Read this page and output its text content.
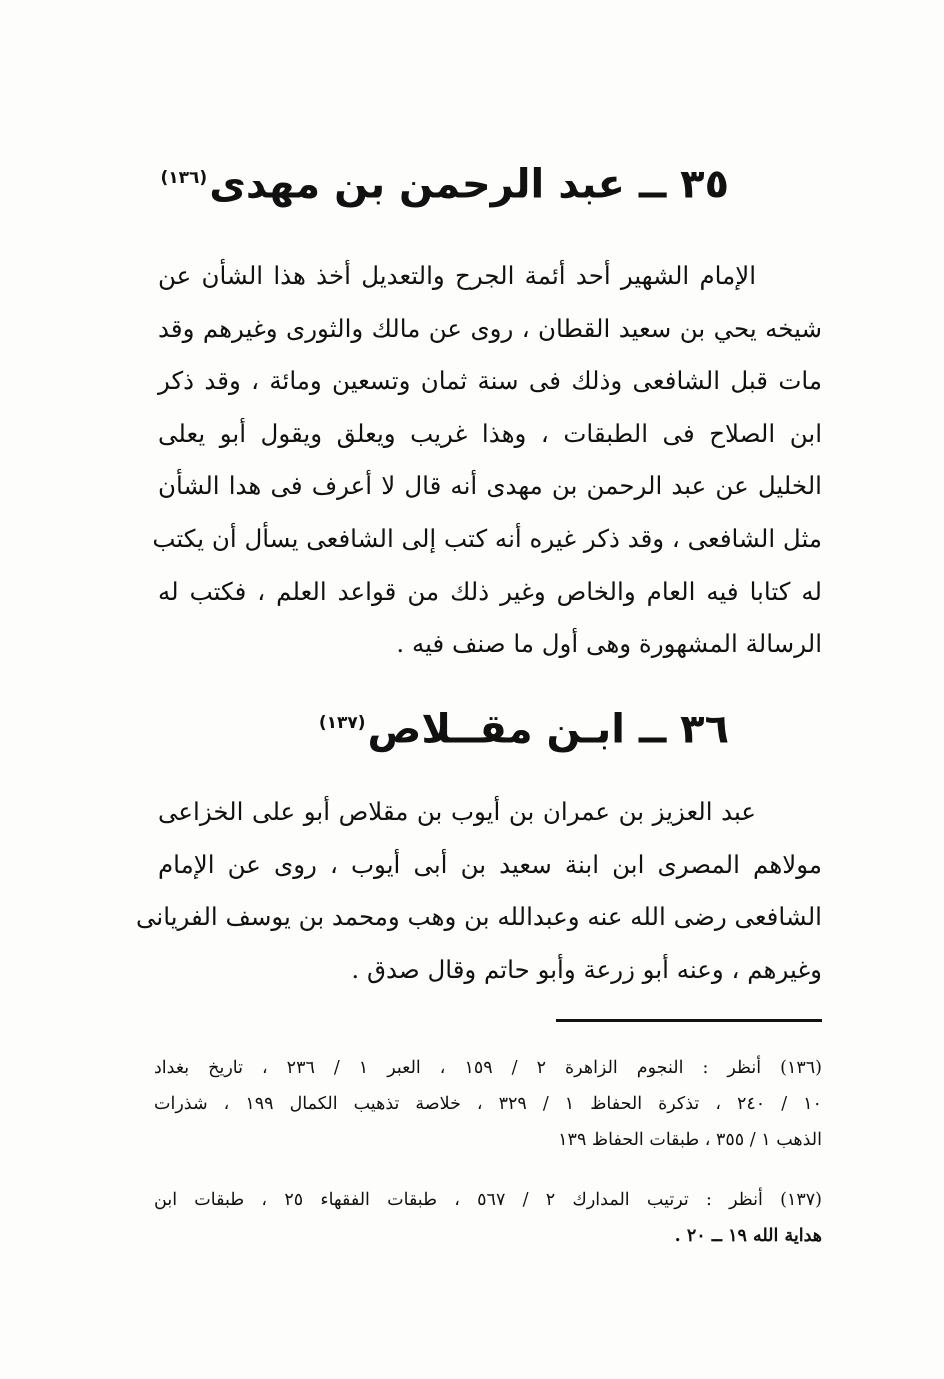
٣٥ ــ عبد الرحمن بن مهدى$^{(١٣٦)}$
الإمام الشهير أحد أئمة الجرح والتعديل أخذ هذا الشأن عن
شيخه يحي بن سعيد القطان ، روى عن مالك والثورى وغيرهم وقد
مات قبل الشافعى وذلك فى سنة ثمان وتسعين ومائة ، وقد ذكر
ابن الصلاح فى الطبقات ، وهذا غريب ويعلق ويقول أبو يعلى
الخليل عن عبد الرحمن بن مهدى أنه قال لا أعرف فى هدا الشأن
مثل الشافعى ، وقد ذكر غيره أنه كتب إلى الشافعى يسأل أن يكتب
له كتابا فيه العام والخاص وغير ذلك من قواعد العلم ، فكتب له
الرسالة المشهورة وهى أول ما صنف فيه .
٣٦ ــ ابـن مقــلاص$^{(١٣٧)}$
عبد العزيز بن عمران بن أيوب بن مقلاص أبو على الخزاعى
مولاهم المصرى ابن ابنة سعيد بن أبى أيوب ، روى عن الإمام
الشافعى رضى الله عنه وعبدالله بن وهب ومحمد بن يوسف الفريانى
وغيرهم ، وعنه أبو زرعة وأبو حاتم وقال صدق .
(١٣٦) أنظر : النجوم الزاهرة ٢ / ١٥٩ ، العبر ١ / ٢٣٦ ، تاريخ بغداد
١٠ / ٢٤٠ ، تذكرة الحفاظ ١ / ٣٢٩ ، خلاصة تذهيب الكمال ١٩٩ ، شذرات
الذهب ١ / ٣٥٥ ، طبقات الحفاظ ١٣٩
(١٣٧) أنظر : ترتيب المدارك ٢ / ٥٦٧ ، طبقات الفقهاء ٢٥ ، طبقات ابن
هداية الله ١٩ ــ ٢٠ .
